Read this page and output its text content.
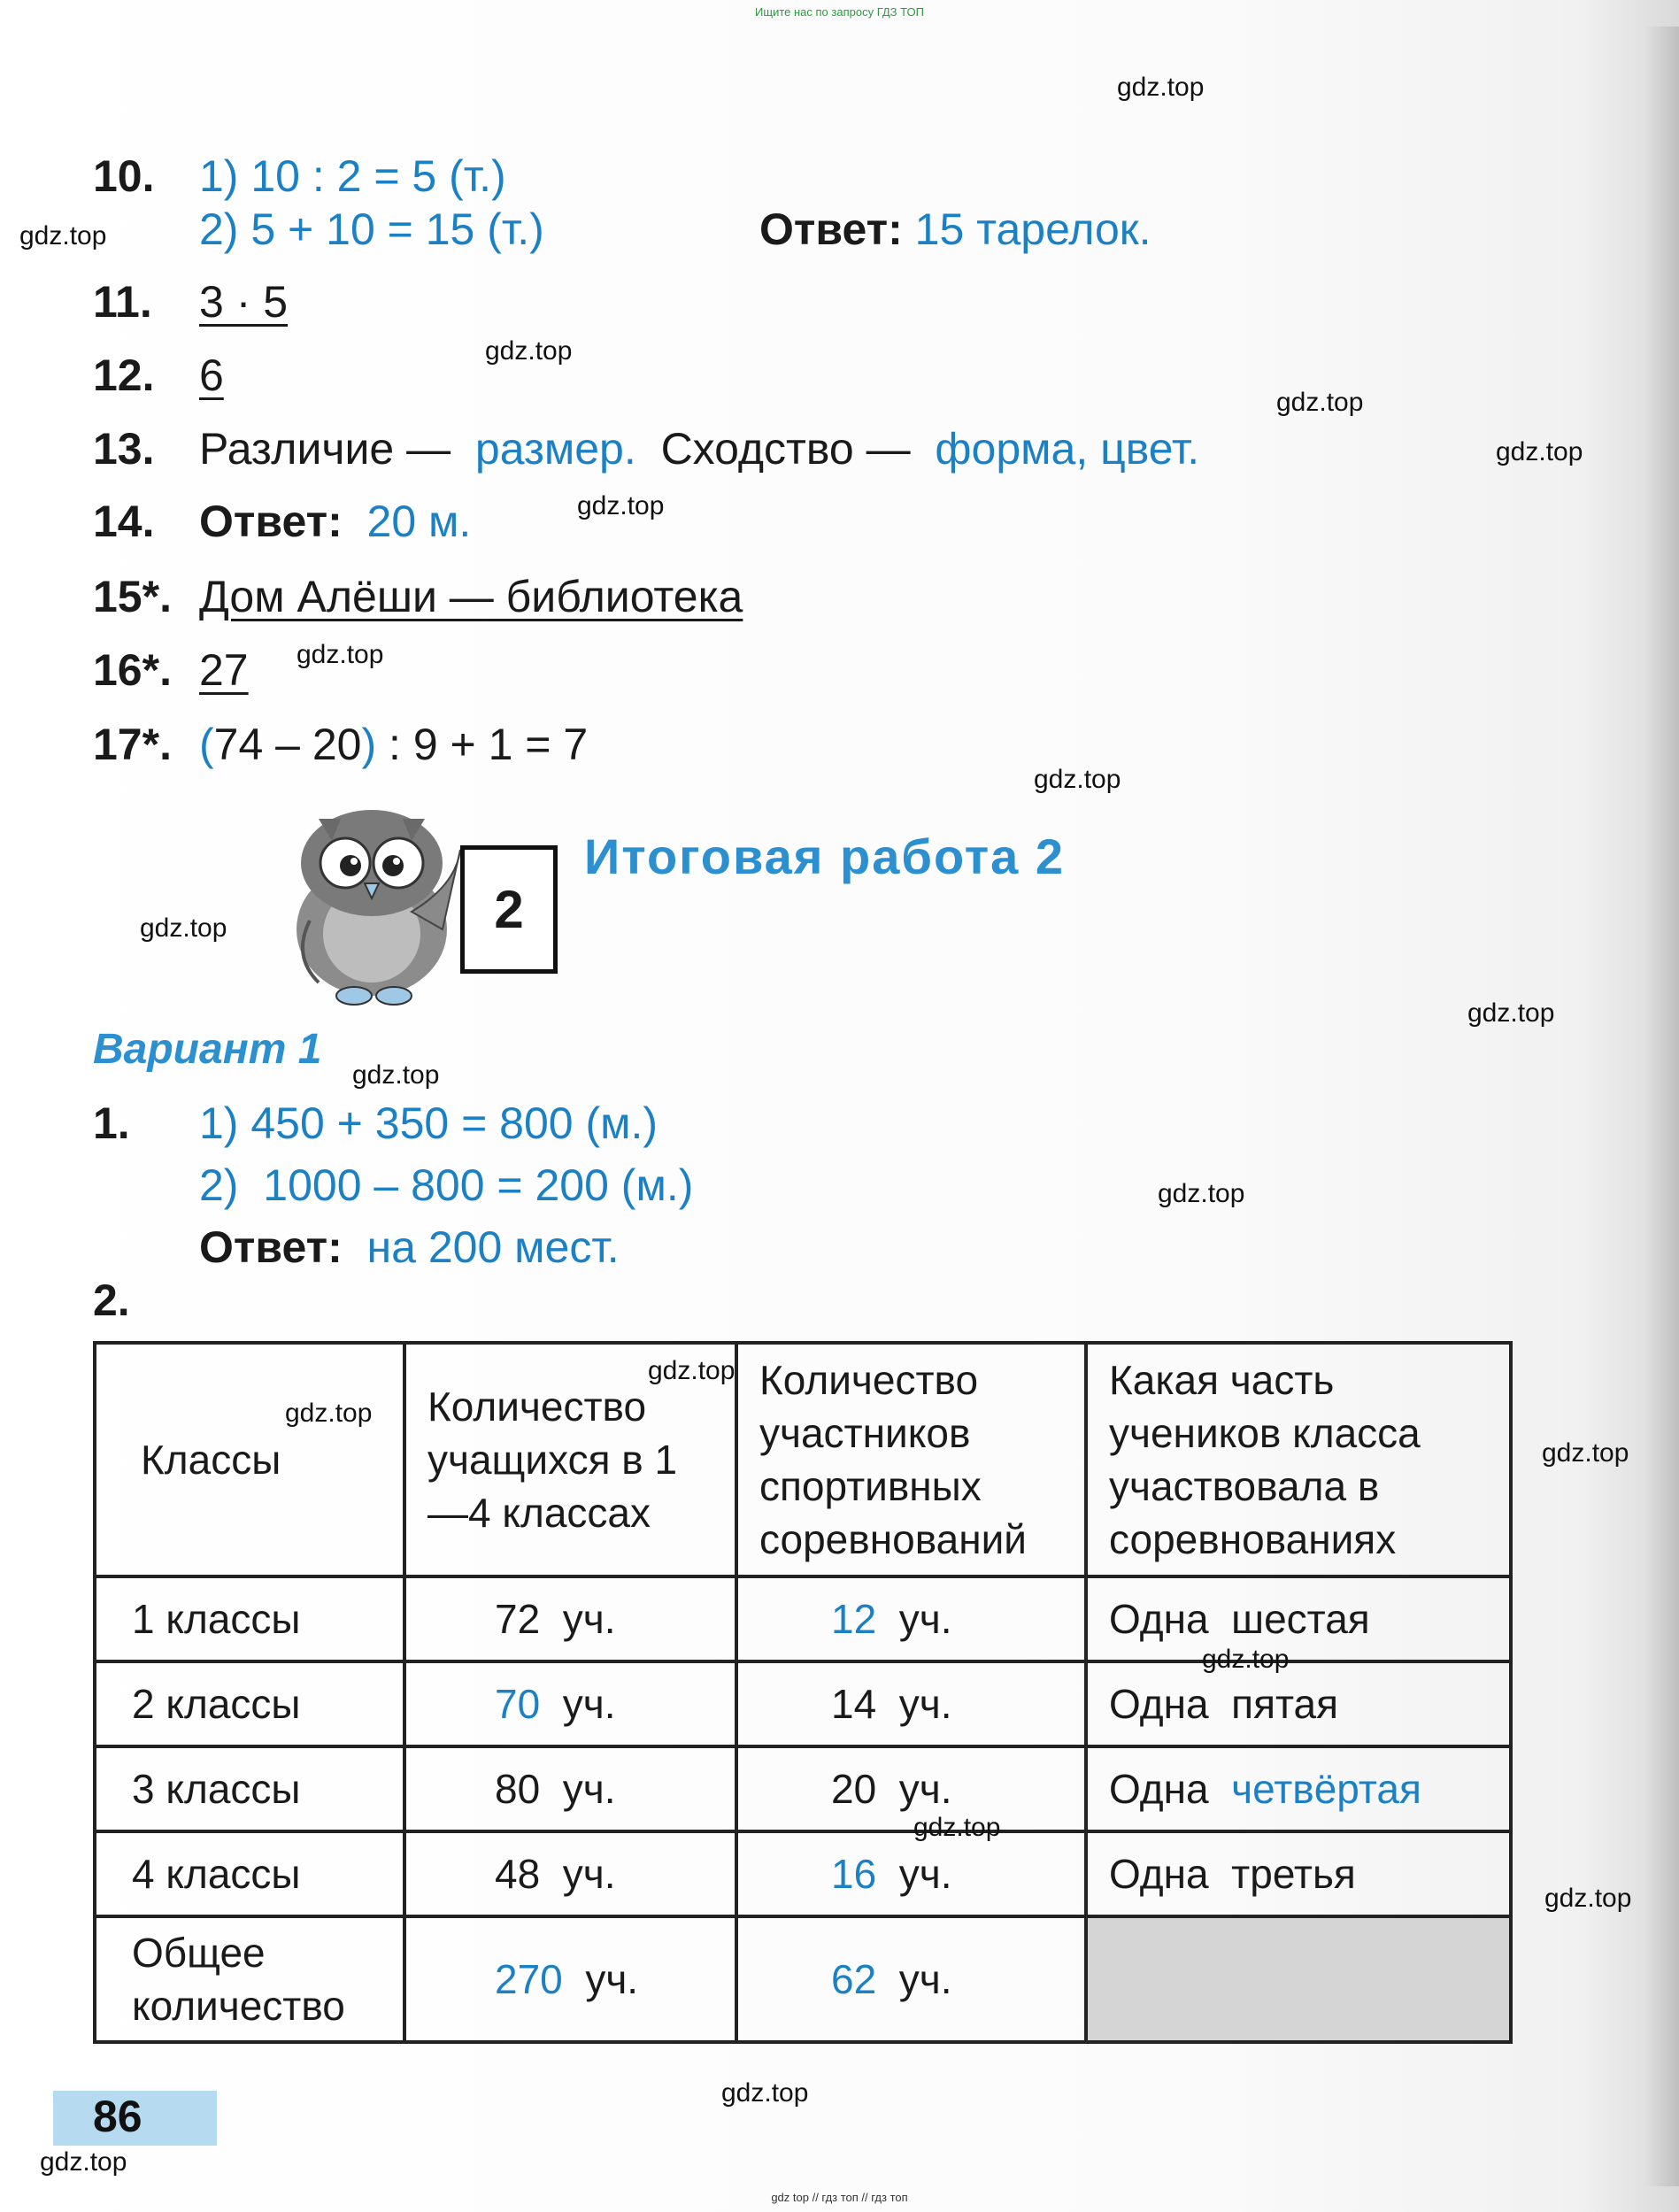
Ищите нас по запросу ГДЗ ТОП
10. 1) 10 : 2 = 5 (т.)
2) 5 + 10 = 15 (т.)	Ответ: 15 тарелок.
11. 3 · 5
12. 6
13. Различие — размер. Сходство — форма, цвет.
14. Ответ: 20 м.
15*. Дом Алёши — библиотека
16*. 27
17*. (74 – 20) : 9 + 1 = 7
2
Итоговая работа 2
Вариант 1
1. 1) 450 + 350 = 800 (м.)
2) 1000 – 800 = 200 (м.)
Ответ: на 200 мест.
2.
Классы	Количество учащихся в 1—4 классах	Количество участников спортивных соревнований	Какая часть учеников класса участвовала в соревнованиях
1 классы	72 уч.	12 уч.	Одна шестая
2 классы	70 уч.	14 уч.	Одна пятая
3 классы	80 уч.	20 уч.	Одна четвёртая
4 классы	48 уч.	16 уч.	Одна третья
Общее количество	270 уч.	62 уч.	
86
gdz.top
gdz.top
gdz.top
gdz.top
gdz.top
gdz.top
gdz.top
gdz.top
gdz.top
gdz.top
gdz.top
gdz.top
gdz.top
gdz.top
gdz.top
gdz.top
gdz.top
gdz.top
gdz.top
gdz.top
gdz top // гдз топ // гдз топ
